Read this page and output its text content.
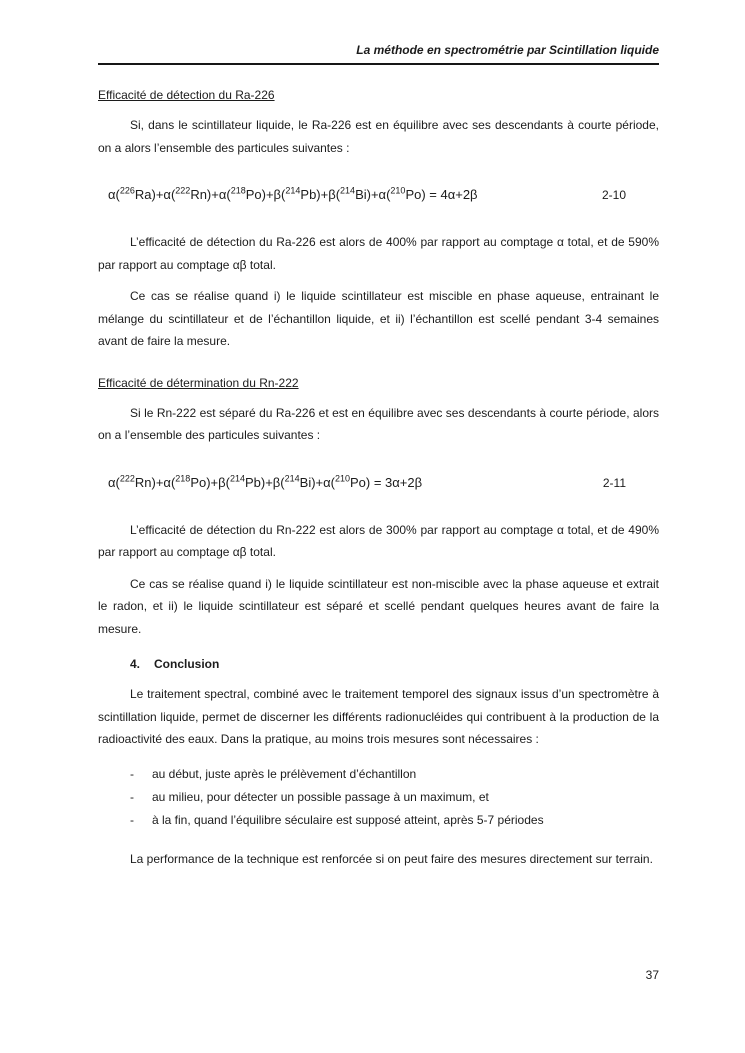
La méthode en spectrométrie par Scintillation liquide
Efficacité de détection du Ra-226

Si, dans le scintillateur liquide, le Ra-226 est en équilibre avec ses descendants à courte période, on a alors l’ensemble des particules suivantes :

α($^{226}$Ra)+α($^{222}$Rn)+α($^{218}$Po)+β($^{214}$Pb)+β($^{214}$Bi)+α($^{210}$Po) = 4α+2β	2-10

L’efficacité de détection du Ra-226 est alors de 400% par rapport au comptage α total, et de 590% par rapport au comptage αβ total.

Ce cas se réalise quand i) le liquide scintillateur est miscible en phase aqueuse, entrainant le mélange du scintillateur et de l’échantillon liquide, et ii) l’échantillon est scellé pendant 3-4 semaines avant de faire la mesure.

Efficacité de détermination du Rn-222

Si le Rn-222 est séparé du Ra-226 et est en équilibre avec ses descendants à courte période, alors on a l’ensemble des particules suivantes :

α($^{222}$Rn)+α($^{218}$Po)+β($^{214}$Pb)+β($^{214}$Bi)+α($^{210}$Po) = 3α+2β	2-11

L’efficacité de détection du Rn-222 est alors de 300% par rapport au comptage α total, et de 490% par rapport au comptage αβ total.

Ce cas se réalise quand i) le liquide scintillateur est non-miscible avec la phase aqueuse et extrait le radon, et ii) le liquide scintillateur est séparé et scellé pendant quelques heures avant de faire la mesure.

4.	Conclusion

Le traitement spectral, combiné avec le traitement temporel des signaux issus d’un spectromètre à scintillation liquide, permet de discerner les différents radionucléides qui contribuent à la production de la radioactivité des eaux. Dans la pratique, au moins trois mesures sont nécessaires :

-	au début, juste après le prélèvement d’échantillon
-	au milieu, pour détecter un possible passage à un maximum, et
-	à la fin, quand l’équilibre séculaire est supposé atteint, après 5-7 périodes

La performance de la technique est renforcée si on peut faire des mesures directement sur terrain.

37
